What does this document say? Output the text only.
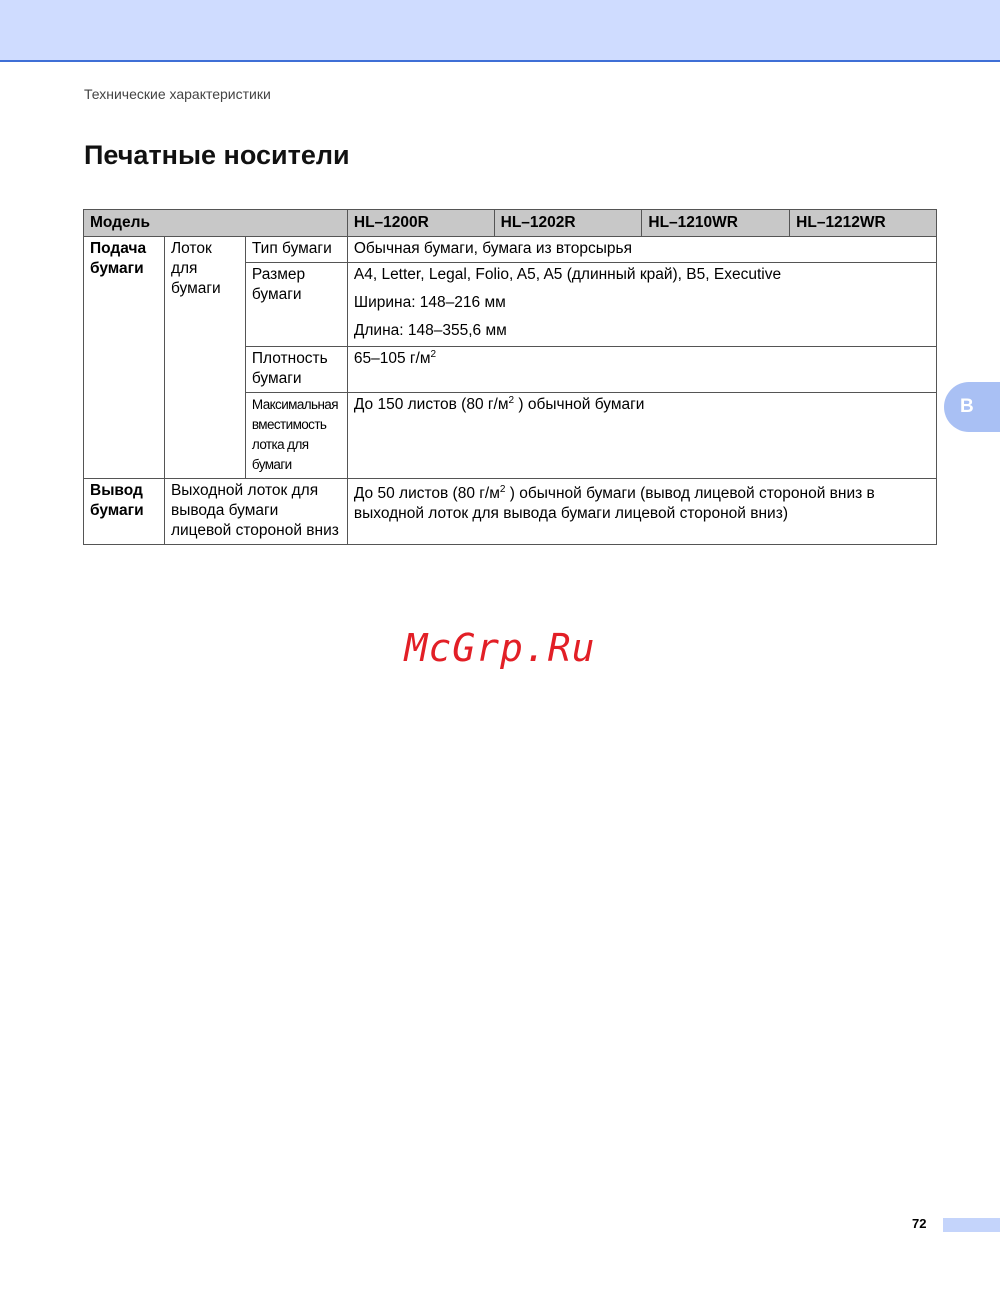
Технические характеристики
Печатные носители
Модель			HL–1200R	HL–1202R	HL–1210WR	HL–1212WR
Подача бумаги	Лоток для бумаги	Тип бумаги	Обычная бумаги, бумага из вторсырья			
		Размер бумаги	A4, Letter, Legal, Folio, A5, A5 (длинный край), B5, Executive

Ширина: 148–216 мм

Длина: 148–355,6 мм			

		Плотность бумаги	65–105 $г/м^2$
		Максимальная вместимость лотка для бумаги	До 150 листов (80 $г/м^2$ ) обычной бумаги			
Вывод бумаги	Выходной лоток для вывода бумаги лицевой стороной вниз		До 50 листов (80 $г/м^2$ ) обычной бумаги (вывод лицевой стороной вниз в выходной лоток для вывода бумаги лицевой стороной вниз)			
McGrp.Ru
B
72
